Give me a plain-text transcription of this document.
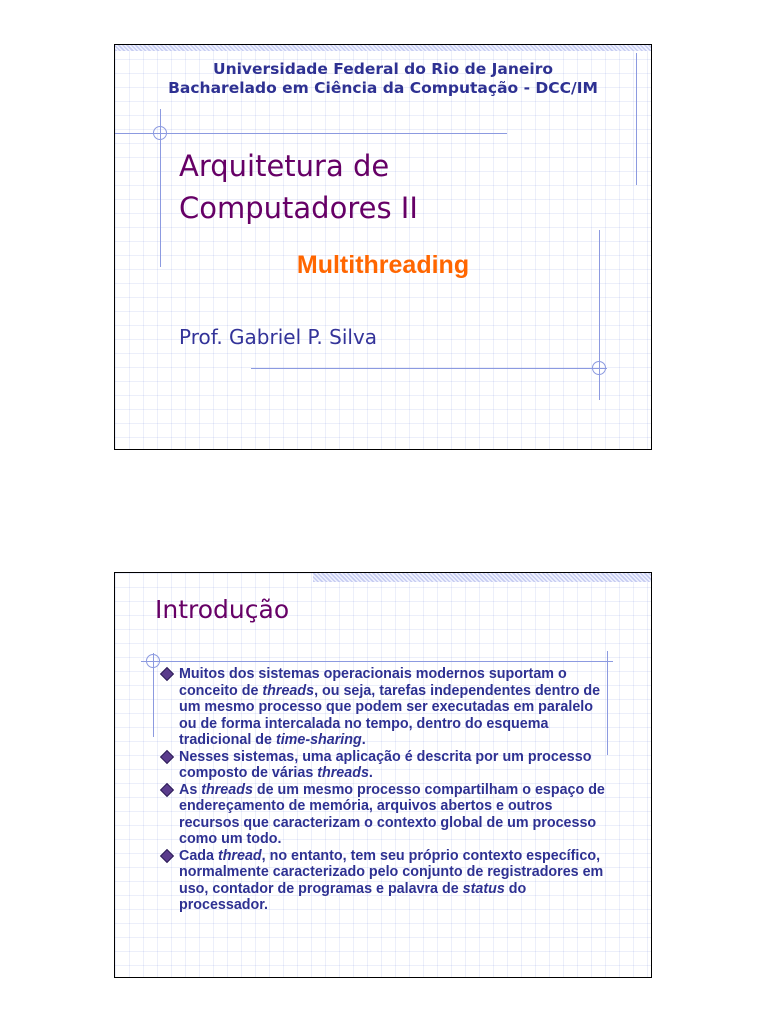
Universidade Federal do Rio de Janeiro
Bacharelado em Ciência da Computação - DCC/IM
Arquitetura de
Computadores II
Multithreading
Prof. Gabriel P. Silva
Introdução
Muitos dos sistemas operacionais modernos suportam o conceito de threads, ou seja, tarefas independentes dentro de um mesmo processo que podem ser executadas em paralelo ou de forma intercalada no tempo, dentro do esquema tradicional de time-sharing.
Nesses sistemas, uma aplicação é descrita por um processo composto de várias threads.
As threads de um mesmo processo compartilham o espaço de endereçamento de memória, arquivos abertos e outros recursos que caracterizam o contexto global de um processo como um todo.
Cada thread, no entanto, tem seu próprio contexto específico, normalmente caracterizado pelo conjunto de registradores em uso, contador de programas e palavra de status do processador.
